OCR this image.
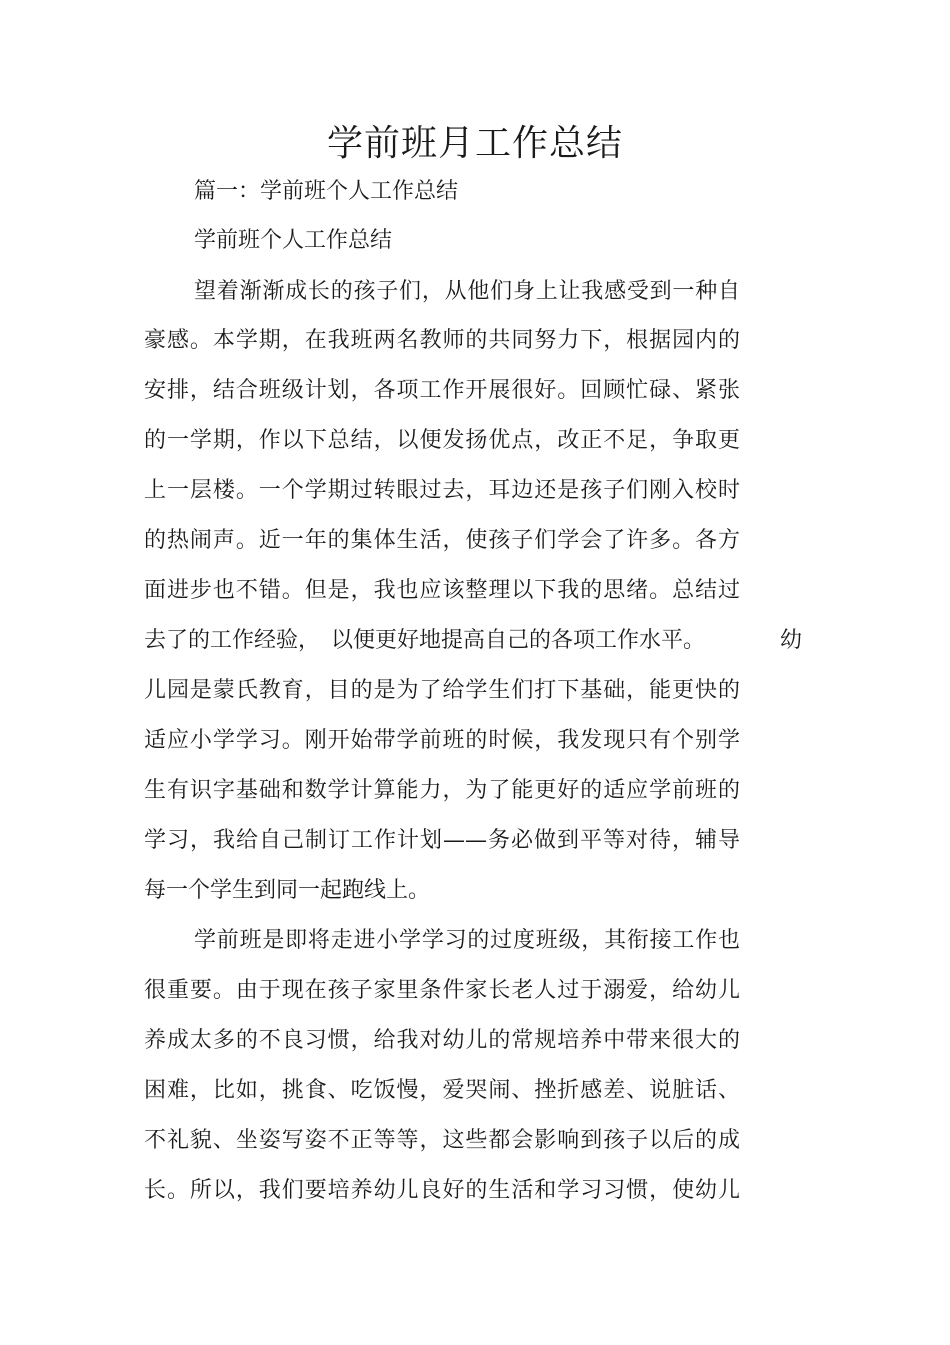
学前班月工作总结
篇一：学前班个人工作总结
学前班个人工作总结

望着渐渐成长的孩子们，从他们身上让我感受到一种自

豪感。本学期，在我班两名教师的共同努力下，根据园内的

安排，结合班级计划，各项工作开展很好。回顾忙碌、紧张

的一学期，作以下总结，以便发扬优点，改正不足，争取更

上一层楼。一个学期过转眼过去，耳边还是孩子们刚入校时

的热闹声。近一年的集体生活，使孩子们学会了许多。各方

面进步也不错。但是，我也应该整理以下我的思绪。总结过

去了的工作经验，　以便更好地提高自己的各项工作水平。	幼

儿园是蒙氏教育，目的是为了给学生们打下基础，能更快的

适应小学学习。刚开始带学前班的时候，我发现只有个别学

生有识字基础和数学计算能力，为了能更好的适应学前班的

学习，我给自己制订工作计划——务必做到平等对待，辅导

每一个学生到同一起跑线上。

学前班是即将走进小学学习的过度班级，其衔接工作也

很重要。由于现在孩子家里条件家长老人过于溺爱，给幼儿

养成太多的不良习惯，给我对幼儿的常规培养中带来很大的

困难，比如，挑食、吃饭慢，爱哭闹、挫折感差、说脏话、

不礼貌、坐姿写姿不正等等，这些都会影响到孩子以后的成

长。所以，我们要培养幼儿良好的生活和学习习惯，使幼儿
